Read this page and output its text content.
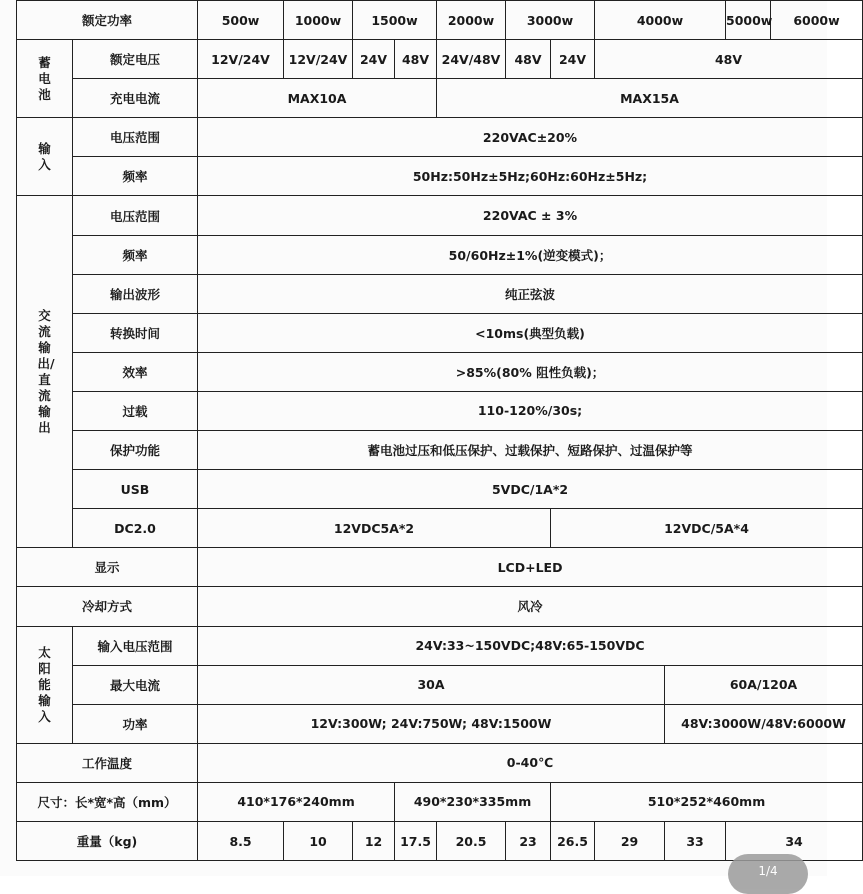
额定功率		500w	1000w	1500w		2000w	3000w		4000w		5000w	6000w
蓄电池	额定电压	12V/24V	12V/24V	24V	48V	24V/48V	48V	24V	48V			
	充电电流	MAX10A				MAX15A						
输入	电压范围	220VAC±20%										
	频率	50Hz:50Hz±5Hz;60Hz:60Hz±5Hz;										
交流输出/直流输出	电压范围	220VAC ± 3%										
	频率	50/60Hz±1%(逆变模式)；										
	输出波形	纯正弦波										
	转换时间	<10ms(典型负载)										
	效率	>85%(80% 阻性负载)；										
	过载	110-120%/30s;										
	保护功能	蓄电池过压和低压保护、过载保护、短路保护、过温保护等										
	USB	5VDC/1A*2										
	DC2.0	12VDC5A*2						12VDC/5A*4				
显示		LCD+LED										
冷却方式		风冷										
太阳能输入	输入电压范围	24V:33~150VDC;48V:65-150VDC										
	最大电流	30A								60A/120A		
	功率	12V:300W; 24V:750W; 48V:1500W								48V:3000W/48V:6000W		
工作温度		0-40℃										
尺寸：长*宽*高（mm）		410*176*240mm			490*230*335mm			510*252*460mm				
重量（kg)		8.5	10	12	17.5	20.5	23	26.5	29	33	34	
1/4
